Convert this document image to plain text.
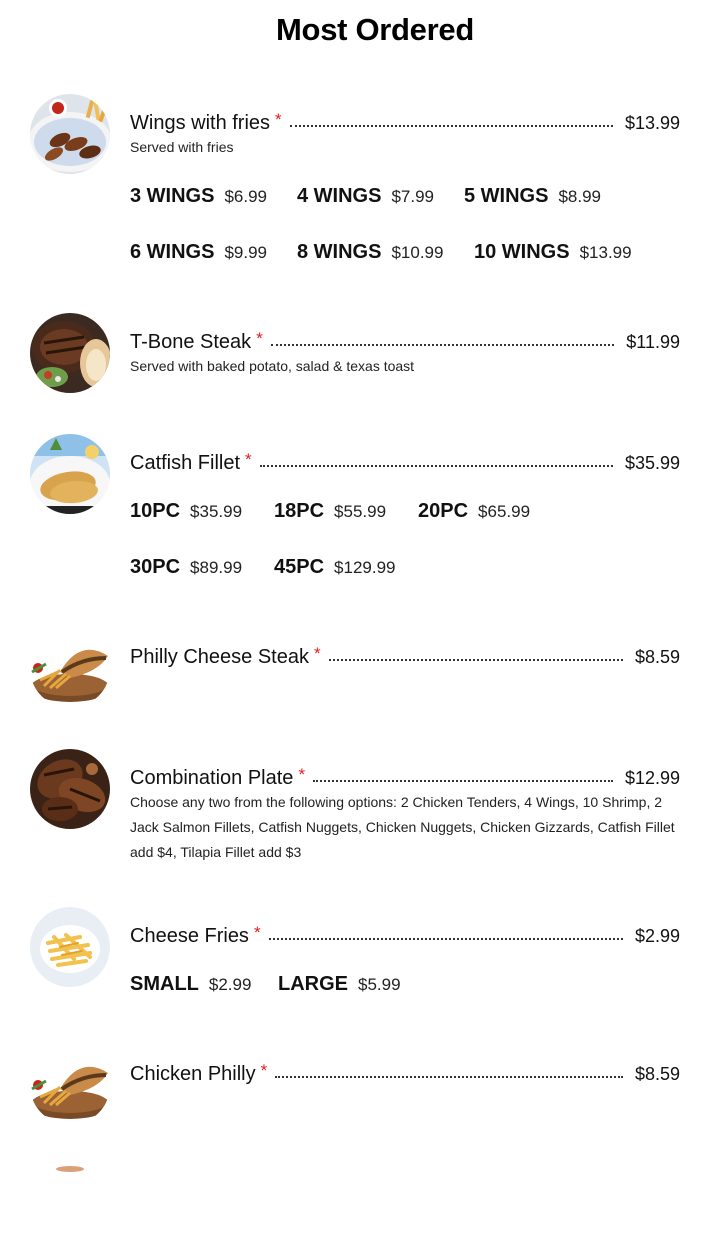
Most Ordered
Wings with fries *	$13.99
Served with fries
3 WINGS $6.99 4 WINGS $7.99 5 WINGS $8.99
6 WINGS $9.99 8 WINGS $10.99 10 WINGS $13.99
T-Bone Steak *	$11.99
Served with baked potato, salad & texas toast
Catfish Fillet *	$35.99
10PC $35.99 18PC $55.99 20PC $65.99
30PC $89.99 45PC $129.99
Philly Cheese Steak *	$8.59
Combination Plate *	$12.99
Choose any two from the following options: 2 Chicken Tenders, 4 Wings, 10 Shrimp, 2 Jack Salmon Fillets, Catfish Nuggets, Chicken Nuggets, Chicken Gizzards, Catfish Fillet add $4, Tilapia Fillet add $3
Cheese Fries *	$2.99
SMALL $2.99 LARGE $5.99
Chicken Philly *	$8.59
